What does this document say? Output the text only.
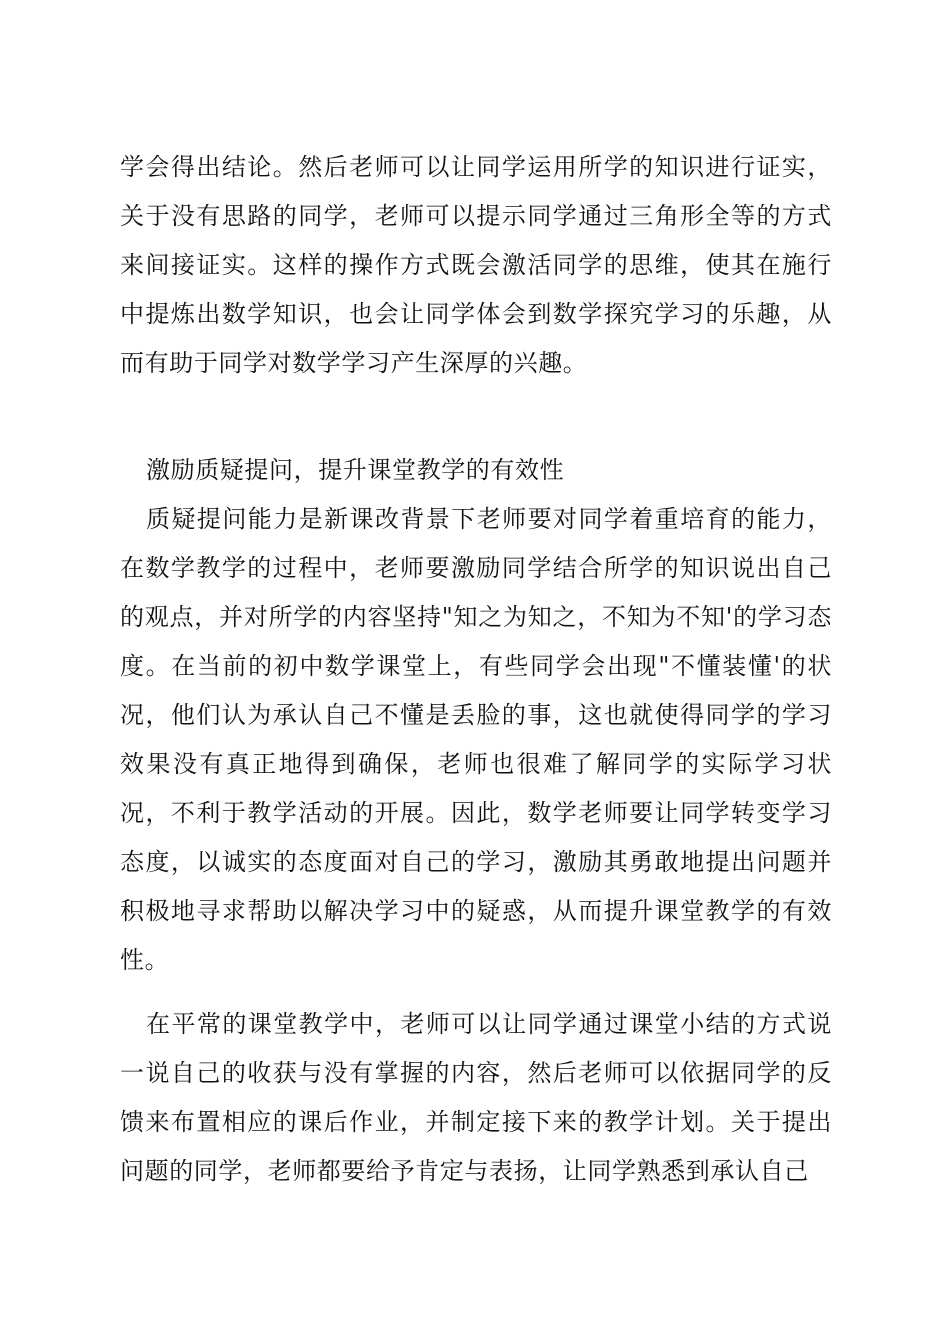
学会得出结论。然后老师可以让同学运用所学的知识进行证实，关于没有思路的同学，老师可以提示同学通过三角形全等的方式来间接证实。这样的操作方式既会激活同学的思维，使其在施行中提炼出数学知识，也会让同学体会到数学探究学习的乐趣，从而有助于同学对数学学习产生深厚的兴趣。
激励质疑提问，提升课堂教学的有效性
质疑提问能力是新课改背景下老师要对同学着重培育的能力，在数学教学的过程中，老师要激励同学结合所学的知识说出自己的观点，并对所学的内容坚持"知之为知之，不知为不知'的学习态度。在当前的初中数学课堂上，有些同学会出现"不懂装懂'的状况，他们认为承认自己不懂是丢脸的事，这也就使得同学的学习效果没有真正地得到确保，老师也很难了解同学的实际学习状况，不利于教学活动的开展。因此，数学老师要让同学转变学习态度，以诚实的态度面对自己的学习，激励其勇敢地提出问题并积极地寻求帮助以解决学习中的疑惑，从而提升课堂教学的有效性。
在平常的课堂教学中，老师可以让同学通过课堂小结的方式说一说自己的收获与没有掌握的内容，然后老师可以依据同学的反馈来布置相应的课后作业，并制定接下来的教学计划。关于提出问题的同学，老师都要给予肯定与表扬，让同学熟悉到承认自己
